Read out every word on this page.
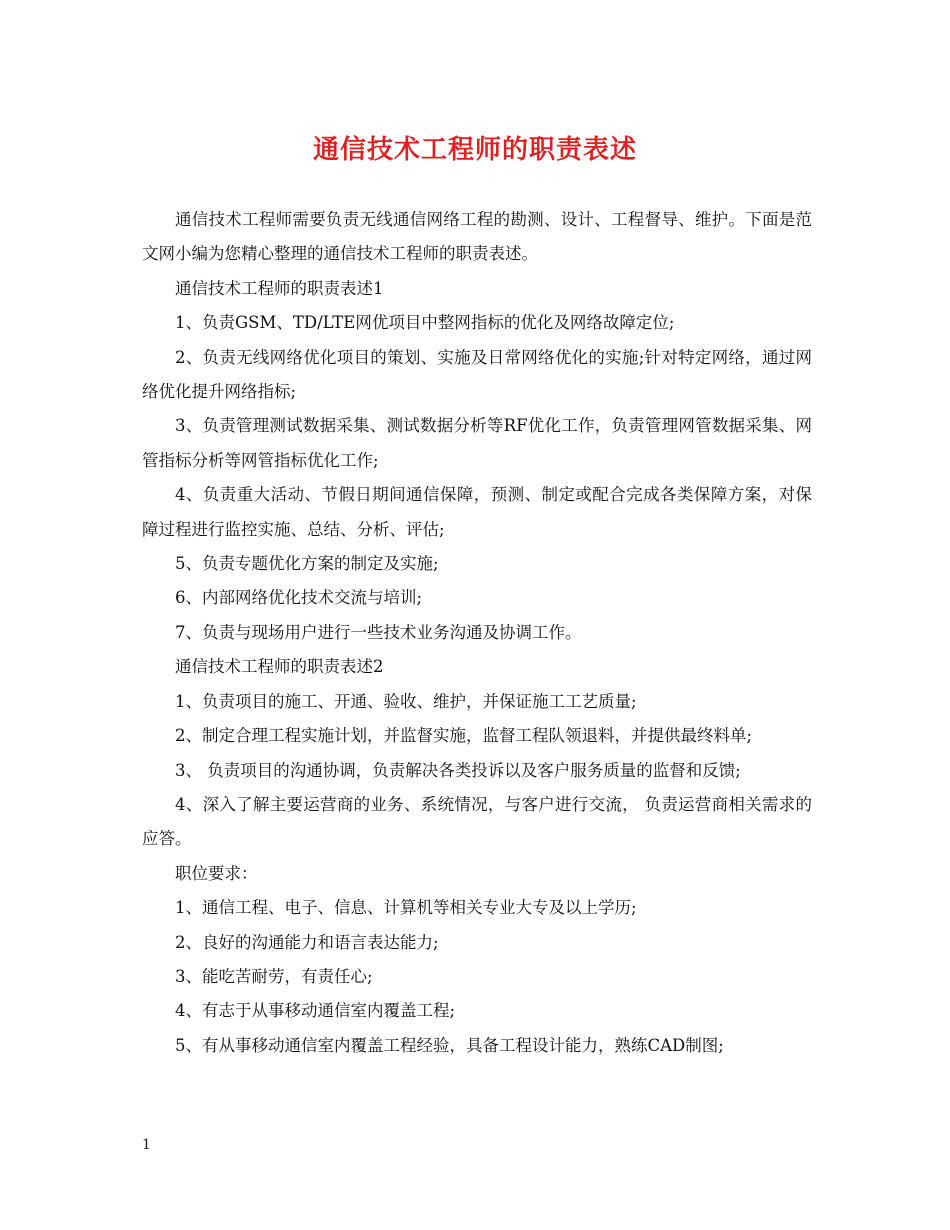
通信技术工程师的职责表述

通信技术工程师需要负责无线通信网络工程的勘测、设计、工程督导、维护。下面是范文网小编为您精心整理的通信技术工程师的职责表述。

通信技术工程师的职责表述1

1、负责GSM、TD/LTE网优项目中整网指标的优化及网络故障定位;

2、负责无线网络优化项目的策划、实施及日常网络优化的实施;针对特定网络，通过网络优化提升网络指标;

3、负责管理测试数据采集、测试数据分析等RF优化工作，负责管理网管数据采集、网管指标分析等网管指标优化工作;

4、负责重大活动、节假日期间通信保障，预测、制定或配合完成各类保障方案，对保障过程进行监控实施、总结、分析、评估;

5、负责专题优化方案的制定及实施;

6、内部网络优化技术交流与培训;

7、负责与现场用户进行一些技术业务沟通及协调工作。

通信技术工程师的职责表述2

1、负责项目的施工、开通、验收、维护，并保证施工工艺质量;

2、制定合理工程实施计划，并监督实施，监督工程队领退料，并提供最终料单;

3、 负责项目的沟通协调，负责解决各类投诉以及客户服务质量的监督和反馈;

4、深入了解主要运营商的业务、系统情况，与客户进行交流， 负责运营商相关需求的应答。

职位要求：

1、通信工程、电子、信息、计算机等相关专业大专及以上学历;

2、良好的沟通能力和语言表达能力;

3、能吃苦耐劳，有责任心;

4、有志于从事移动通信室内覆盖工程;

5、有从事移动通信室内覆盖工程经验，具备工程设计能力，熟练CAD制图;

1
